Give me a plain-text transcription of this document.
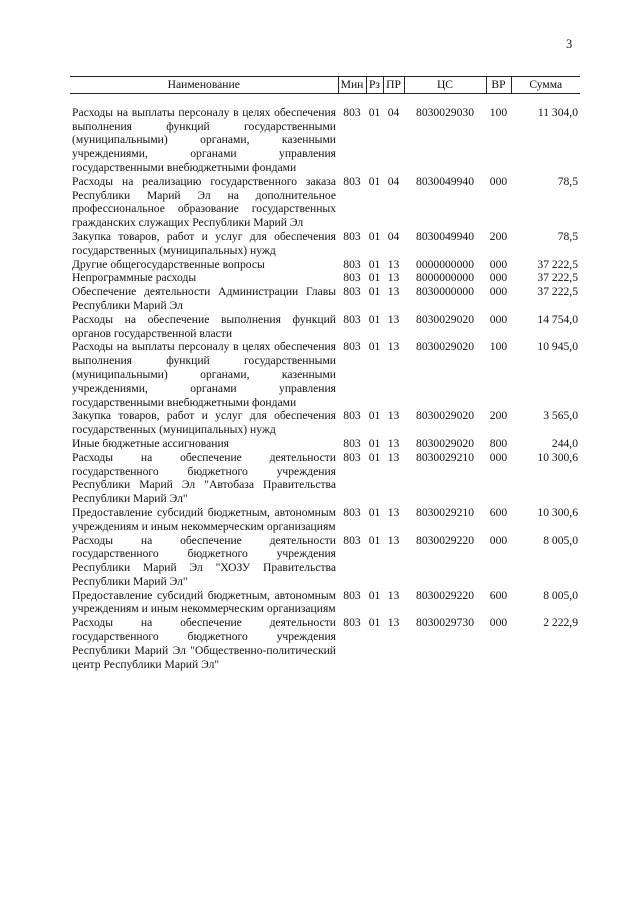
3
Наименование	Мин	Рз	ПР	ЦС	ВР	Сумма
Расходы на выплаты персоналу в целях обеспечения выполнения функций государственными (муниципальными) органами, казенными учреждениями, органами управления государственными внебюджетными фондами	803	01	04	8030029030	100	11 304,0
Расходы на реализацию государственного заказа Республики Марий Эл на дополнительное профессиональное образование государственных гражданских служащих Республики Марий Эл	803	01	04	8030049940	000	78,5
Закупка товаров, работ и услуг для обеспечения государственных (муниципальных) нужд	803	01	04	8030049940	200	78,5
Другие общегосударственные вопросы	803	01	13	0000000000	000	37 222,5
Непрограммные расходы	803	01	13	8000000000	000	37 222,5
Обеспечение деятельности Администрации Главы Республики Марий Эл	803	01	13	8030000000	000	37 222,5
Расходы на обеспечение выполнения функций органов государственной власти	803	01	13	8030029020	000	14 754,0
Расходы на выплаты персоналу в целях обеспечения выполнения функций государственными (муниципальными) органами, казенными учреждениями, органами управления государственными внебюджетными фондами	803	01	13	8030029020	100	10 945,0
Закупка товаров, работ и услуг для обеспечения государственных (муниципальных) нужд	803	01	13	8030029020	200	3 565,0
Иные бюджетные ассигнования	803	01	13	8030029020	800	244,0
Расходы на обеспечение деятельности государственного бюджетного учреждения Республики Марий Эл "Автобаза Правительства Республики Марий Эл"	803	01	13	8030029210	000	10 300,6
Предоставление субсидий бюджетным, автономным учреждениям и иным некоммерческим организациям	803	01	13	8030029210	600	10 300,6
Расходы на обеспечение деятельности государственного бюджетного учреждения Республики Марий Эл "ХОЗУ Правительства Республики Марий Эл"	803	01	13	8030029220	000	8 005,0
Предоставление субсидий бюджетным, автономным учреждениям и иным некоммерческим организациям	803	01	13	8030029220	600	8 005,0
Расходы на обеспечение деятельности государственного бюджетного учреждения Республики Марий Эл "Общественно-политический центр Республики Марий Эл"	803	01	13	8030029730	000	2 222,9
